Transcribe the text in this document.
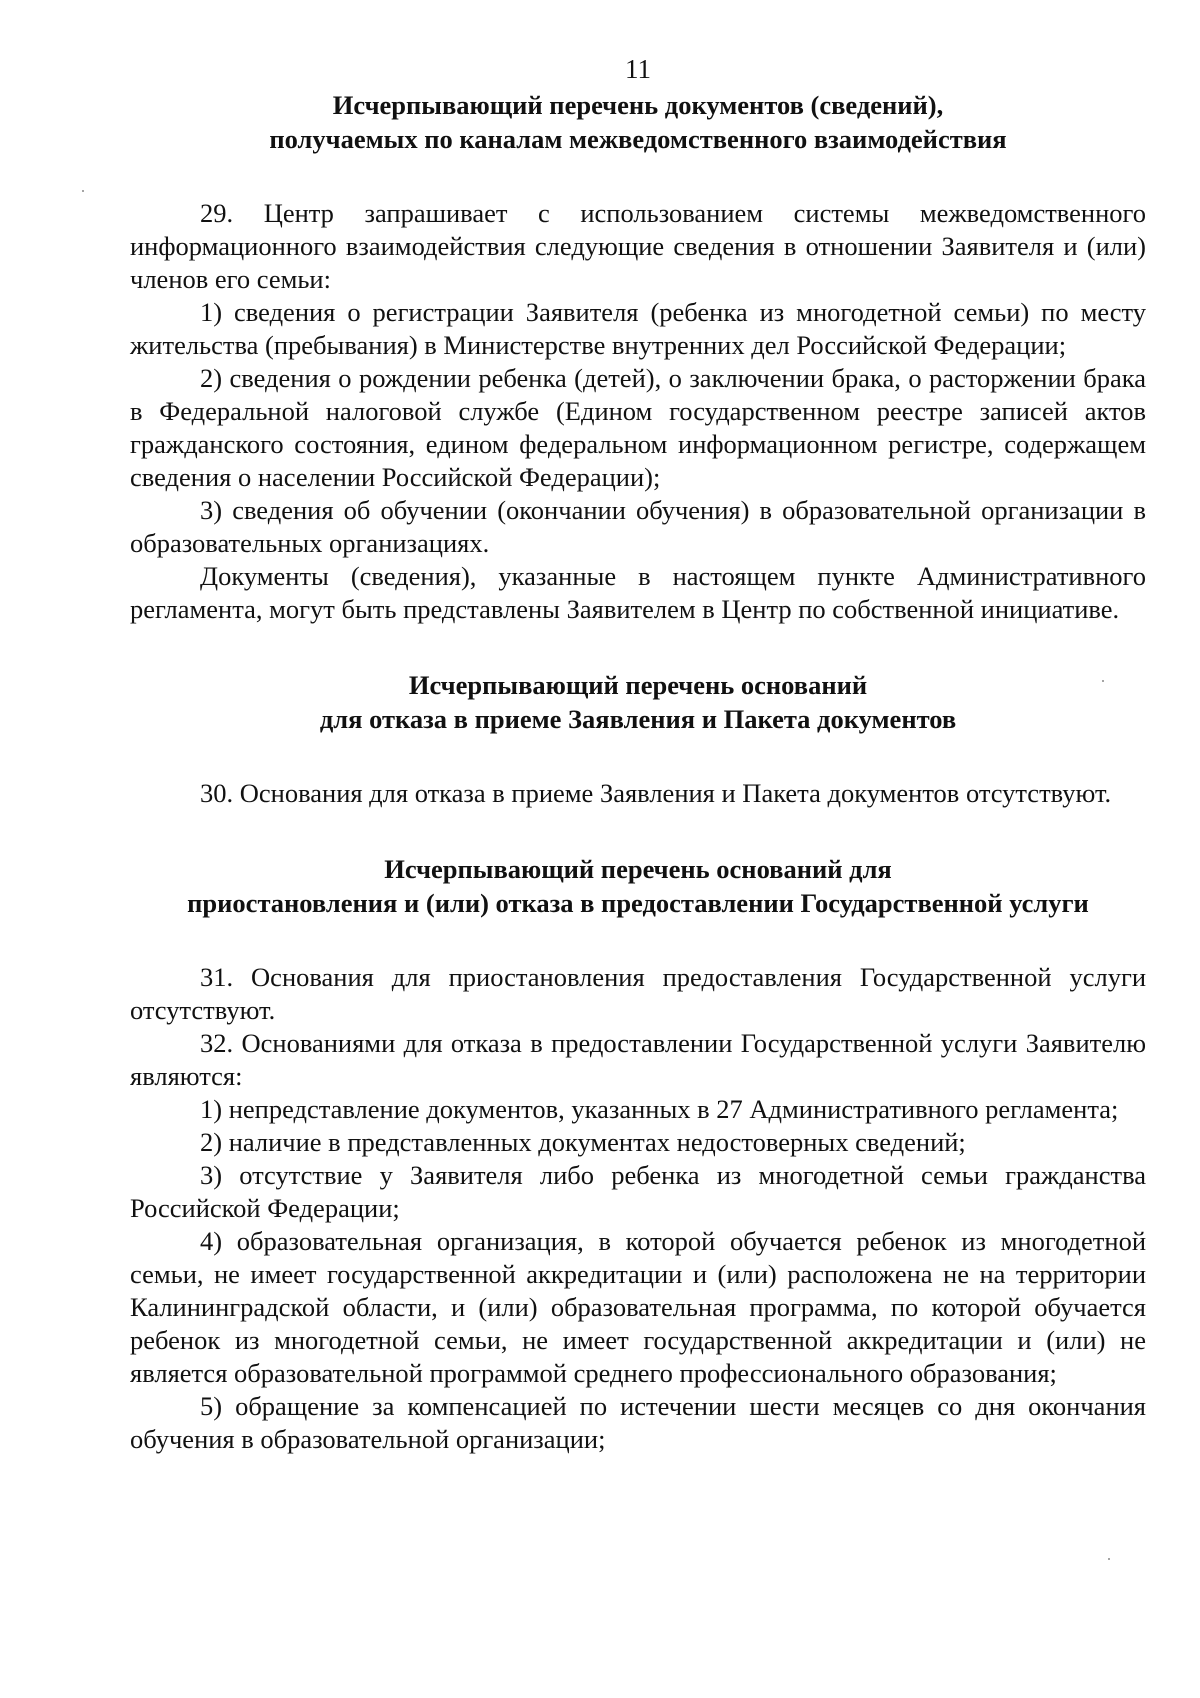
11
Исчерпывающий перечень документов (сведений),
получаемых по каналам межведомственного взаимодействия

29. Центр запрашивает с использованием системы межведомственного информационного взаимодействия следующие сведения в отношении Заявителя и (или) членов его семьи:

1) сведения о регистрации Заявителя (ребенка из многодетной семьи) по месту жительства (пребывания) в Министерстве внутренних дел Российской Федерации;

2) сведения о рождении ребенка (детей), о заключении брака, о расторжении брака в Федеральной налоговой службе (Едином государственном реестре записей актов гражданского состояния, едином федеральном информационном регистре, содержащем сведения о населении Российской Федерации);

3) сведения об обучении (окончании обучения) в образовательной организации в образовательных организациях.

Документы (сведения), указанные в настоящем пункте Административного регламента, могут быть представлены Заявителем в Центр по собственной инициативе.

Исчерпывающий перечень оснований
для отказа в приеме Заявления и Пакета документов

30. Основания для отказа в приеме Заявления и Пакета документов отсутствуют.

Исчерпывающий перечень оснований для
приостановления и (или) отказа в предоставлении Государственной услуги

31. Основания для приостановления предоставления Государственной услуги отсутствуют.

32. Основаниями для отказа в предоставлении Государственной услуги Заявителю являются:

1) непредставление документов, указанных в 27 Административного регламента;

2) наличие в представленных документах недостоверных сведений;

3) отсутствие у Заявителя либо ребенка из многодетной семьи гражданства Российской Федерации;

4) образовательная организация, в которой обучается ребенок из многодетной семьи, не имеет государственной аккредитации и (или) расположена не на территории Калининградской области, и (или) образовательная программа, по которой обучается ребенок из многодетной семьи, не имеет государственной аккредитации и (или) не является образовательной программой среднего профессионального образования;

5) обращение за компенсацией по истечении шести месяцев со дня окончания обучения в образовательной организации;
